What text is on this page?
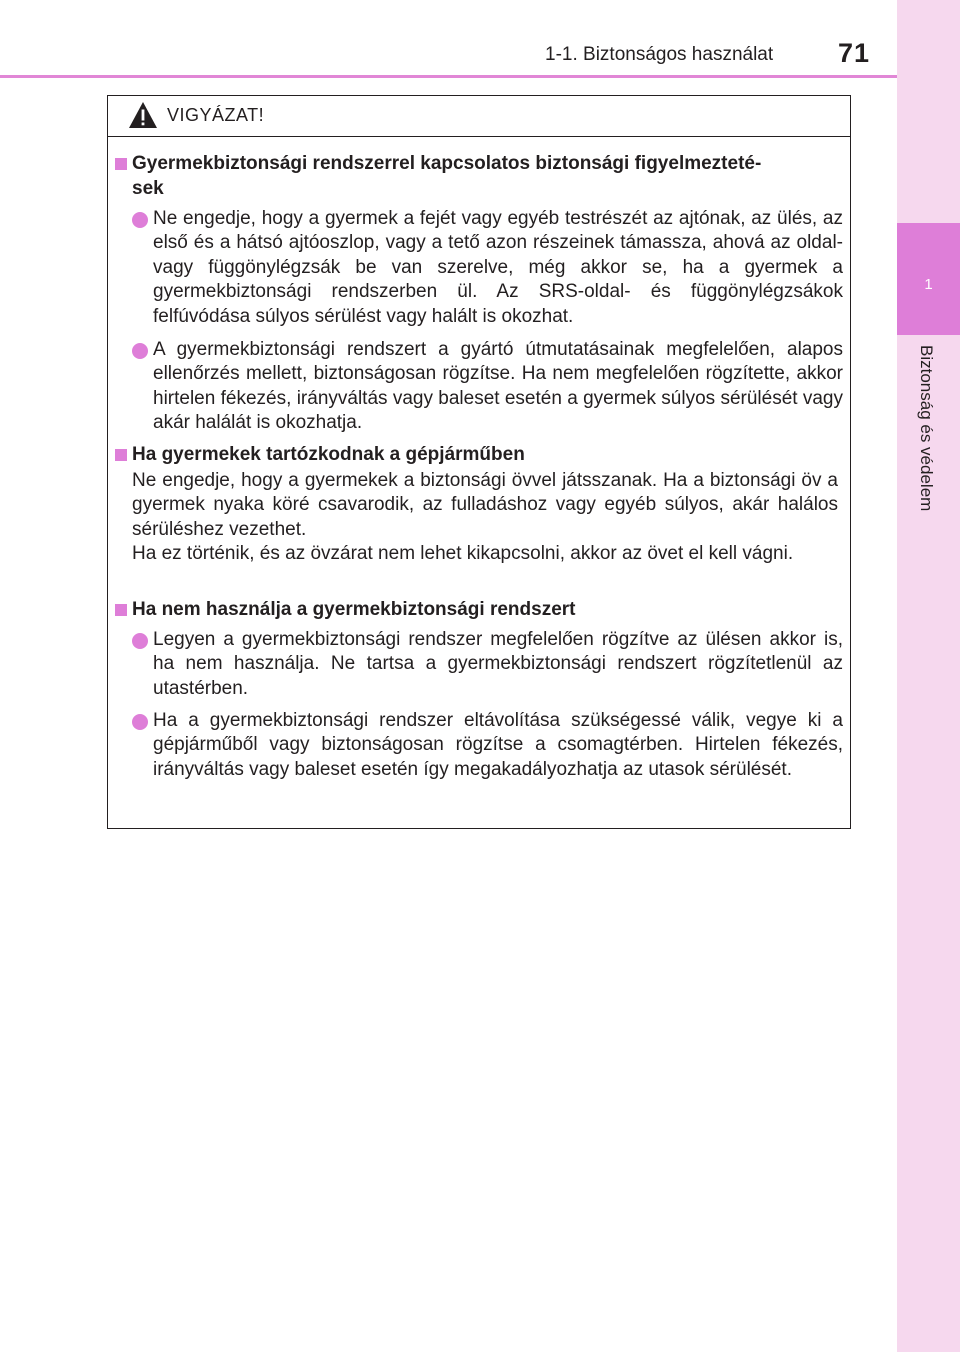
1-1. Biztonságos használat 71
1
Biztonság és védelem
VIGYÁZAT!
Gyermekbiztonsági rendszerrel kapcsolatos biztonsági figyelmezteté-
sek
Ne engedje, hogy a gyermek a fejét vagy egyéb testrészét az ajtónak, az ülés, az első és a hátsó ajtóoszlop, vagy a tető azon részeinek támassza, ahová az oldal- vagy függönylégzsák be van szerelve, még akkor se, ha a gyermek a gyermekbiztonsági rendszerben ül. Az SRS-oldal- és függönylégzsákok felfúvódása súlyos sérülést vagy halált is okozhat.
A gyermekbiztonsági rendszert a gyártó útmutatásainak megfelelően, alapos ellenőrzés mellett, biztonságosan rögzítse. Ha nem megfelelően rögzítette, akkor hirtelen fékezés, irányváltás vagy baleset esetén a gyermek súlyos sérülését vagy akár halálát is okozhatja.
Ha gyermekek tartózkodnak a gépjárműben
Ne engedje, hogy a gyermekek a biztonsági övvel játsszanak. Ha a biztonsági öv a gyermek nyaka köré csavarodik, az fulladáshoz vagy egyéb súlyos, akár halálos sérüléshez vezethet.
Ha ez történik, és az övzárat nem lehet kikapcsolni, akkor az övet el kell vágni.
Ha nem használja a gyermekbiztonsági rendszert
Legyen a gyermekbiztonsági rendszer megfelelően rögzítve az ülésen akkor is, ha nem használja. Ne tartsa a gyermekbiztonsági rendszert rögzítetlenül az utastérben.
Ha a gyermekbiztonsági rendszer eltávolítása szükségessé válik, vegye ki a gépjárműből vagy biztonságosan rögzítse a csomagtérben. Hirtelen fékezés, irányváltás vagy baleset esetén így megakadályozhatja az utasok sérülését.
